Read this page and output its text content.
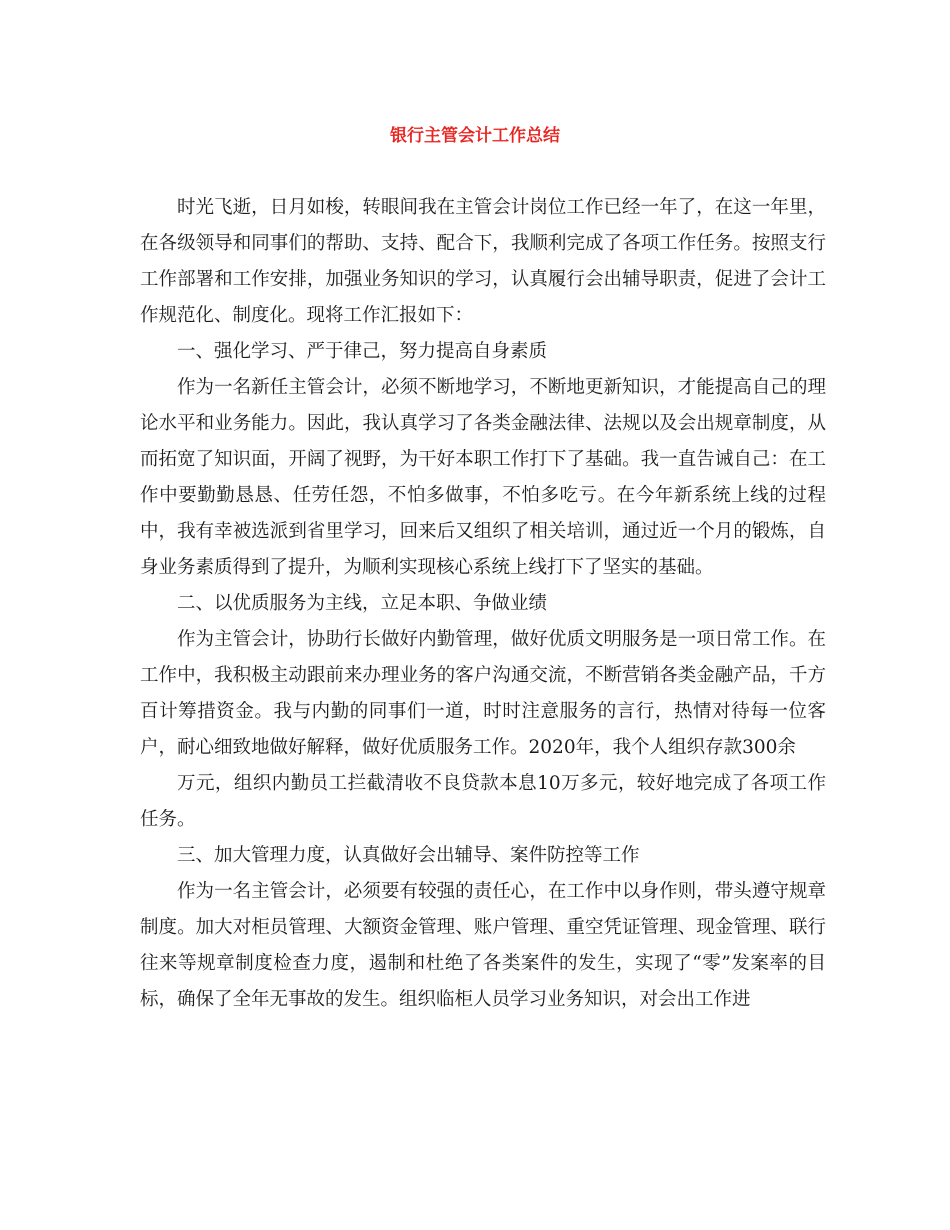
银行主管会计工作总结

时光飞逝，日月如梭，转眼间我在主管会计岗位工作已经一年了，在这一年里，在各级领导和同事们的帮助、支持、配合下，我顺利完成了各项工作任务。按照支行工作部署和工作安排，加强业务知识的学习，认真履行会出辅导职责，促进了会计工作规范化、制度化。现将工作汇报如下：

一、强化学习、严于律己，努力提高自身素质

作为一名新任主管会计，必须不断地学习，不断地更新知识，才能提高自己的理论水平和业务能力。因此，我认真学习了各类金融法律、法规以及会出规章制度，从而拓宽了知识面，开阔了视野，为干好本职工作打下了基础。我一直告诫自己：在工作中要勤勤恳恳、任劳任怨，不怕多做事，不怕多吃亏。在今年新系统上线的过程中，我有幸被选派到省里学习，回来后又组织了相关培训，通过近一个月的锻炼，自身业务素质得到了提升，为顺利实现核心系统上线打下了坚实的基础。

二、以优质服务为主线，立足本职、争做业绩

作为主管会计，协助行长做好内勤管理，做好优质文明服务是一项日常工作。在工作中，我积极主动跟前来办理业务的客户沟通交流，不断营销各类金融产品，千方百计筹措资金。我与内勤的同事们一道，时时注意服务的言行，热情对待每一位客户，耐心细致地做好解释，做好优质服务工作。2020年，我个人组织存款300余

万元，组织内勤员工拦截清收不良贷款本息10万多元，较好地完成了各项工作任务。

三、加大管理力度，认真做好会出辅导、案件防控等工作

作为一名主管会计，必须要有较强的责任心，在工作中以身作则，带头遵守规章制度。加大对柜员管理、大额资金管理、账户管理、重空凭证管理、现金管理、联行往来等规章制度检查力度，遏制和杜绝了各类案件的发生，实现了“零”发案率的目标，确保了全年无事故的发生。组织临柜人员学习业务知识，对会出工作进
